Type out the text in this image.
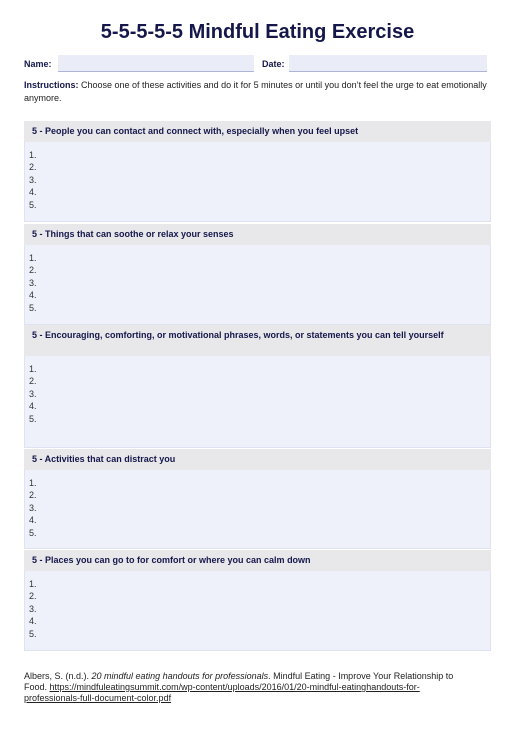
5-5-5-5-5 Mindful Eating Exercise
Name:	Date:

Instructions: Choose one of these activities and do it for 5 minutes or until you don’t feel the urge to eat emotionally anymore.

5 - People you can contact and connect with, especially when you feel upset
1.
2.
3.
4.
5.
5 - Things that can soothe or relax your senses
1.
2.
3.
4.
5.
5 - Encouraging, comforting, or motivational phrases, words, or statements you can tell yourself
1.
2.
3.
4.
5.
5 - Activities that can distract you
1.
2.
3.
4.
5.
5 - Places you can go to for comfort or where you can calm down
1.
2.
3.
4.
5.

Albers, S. (n.d.). 20 mindful eating handouts for professionals. Mindful Eating - Improve Your Relationship to Food. https://mindfuleatingsummit.com/wp-content/uploads/2016/01/20-mindful-eatinghandouts-for-professionals-full-document-color.pdf
